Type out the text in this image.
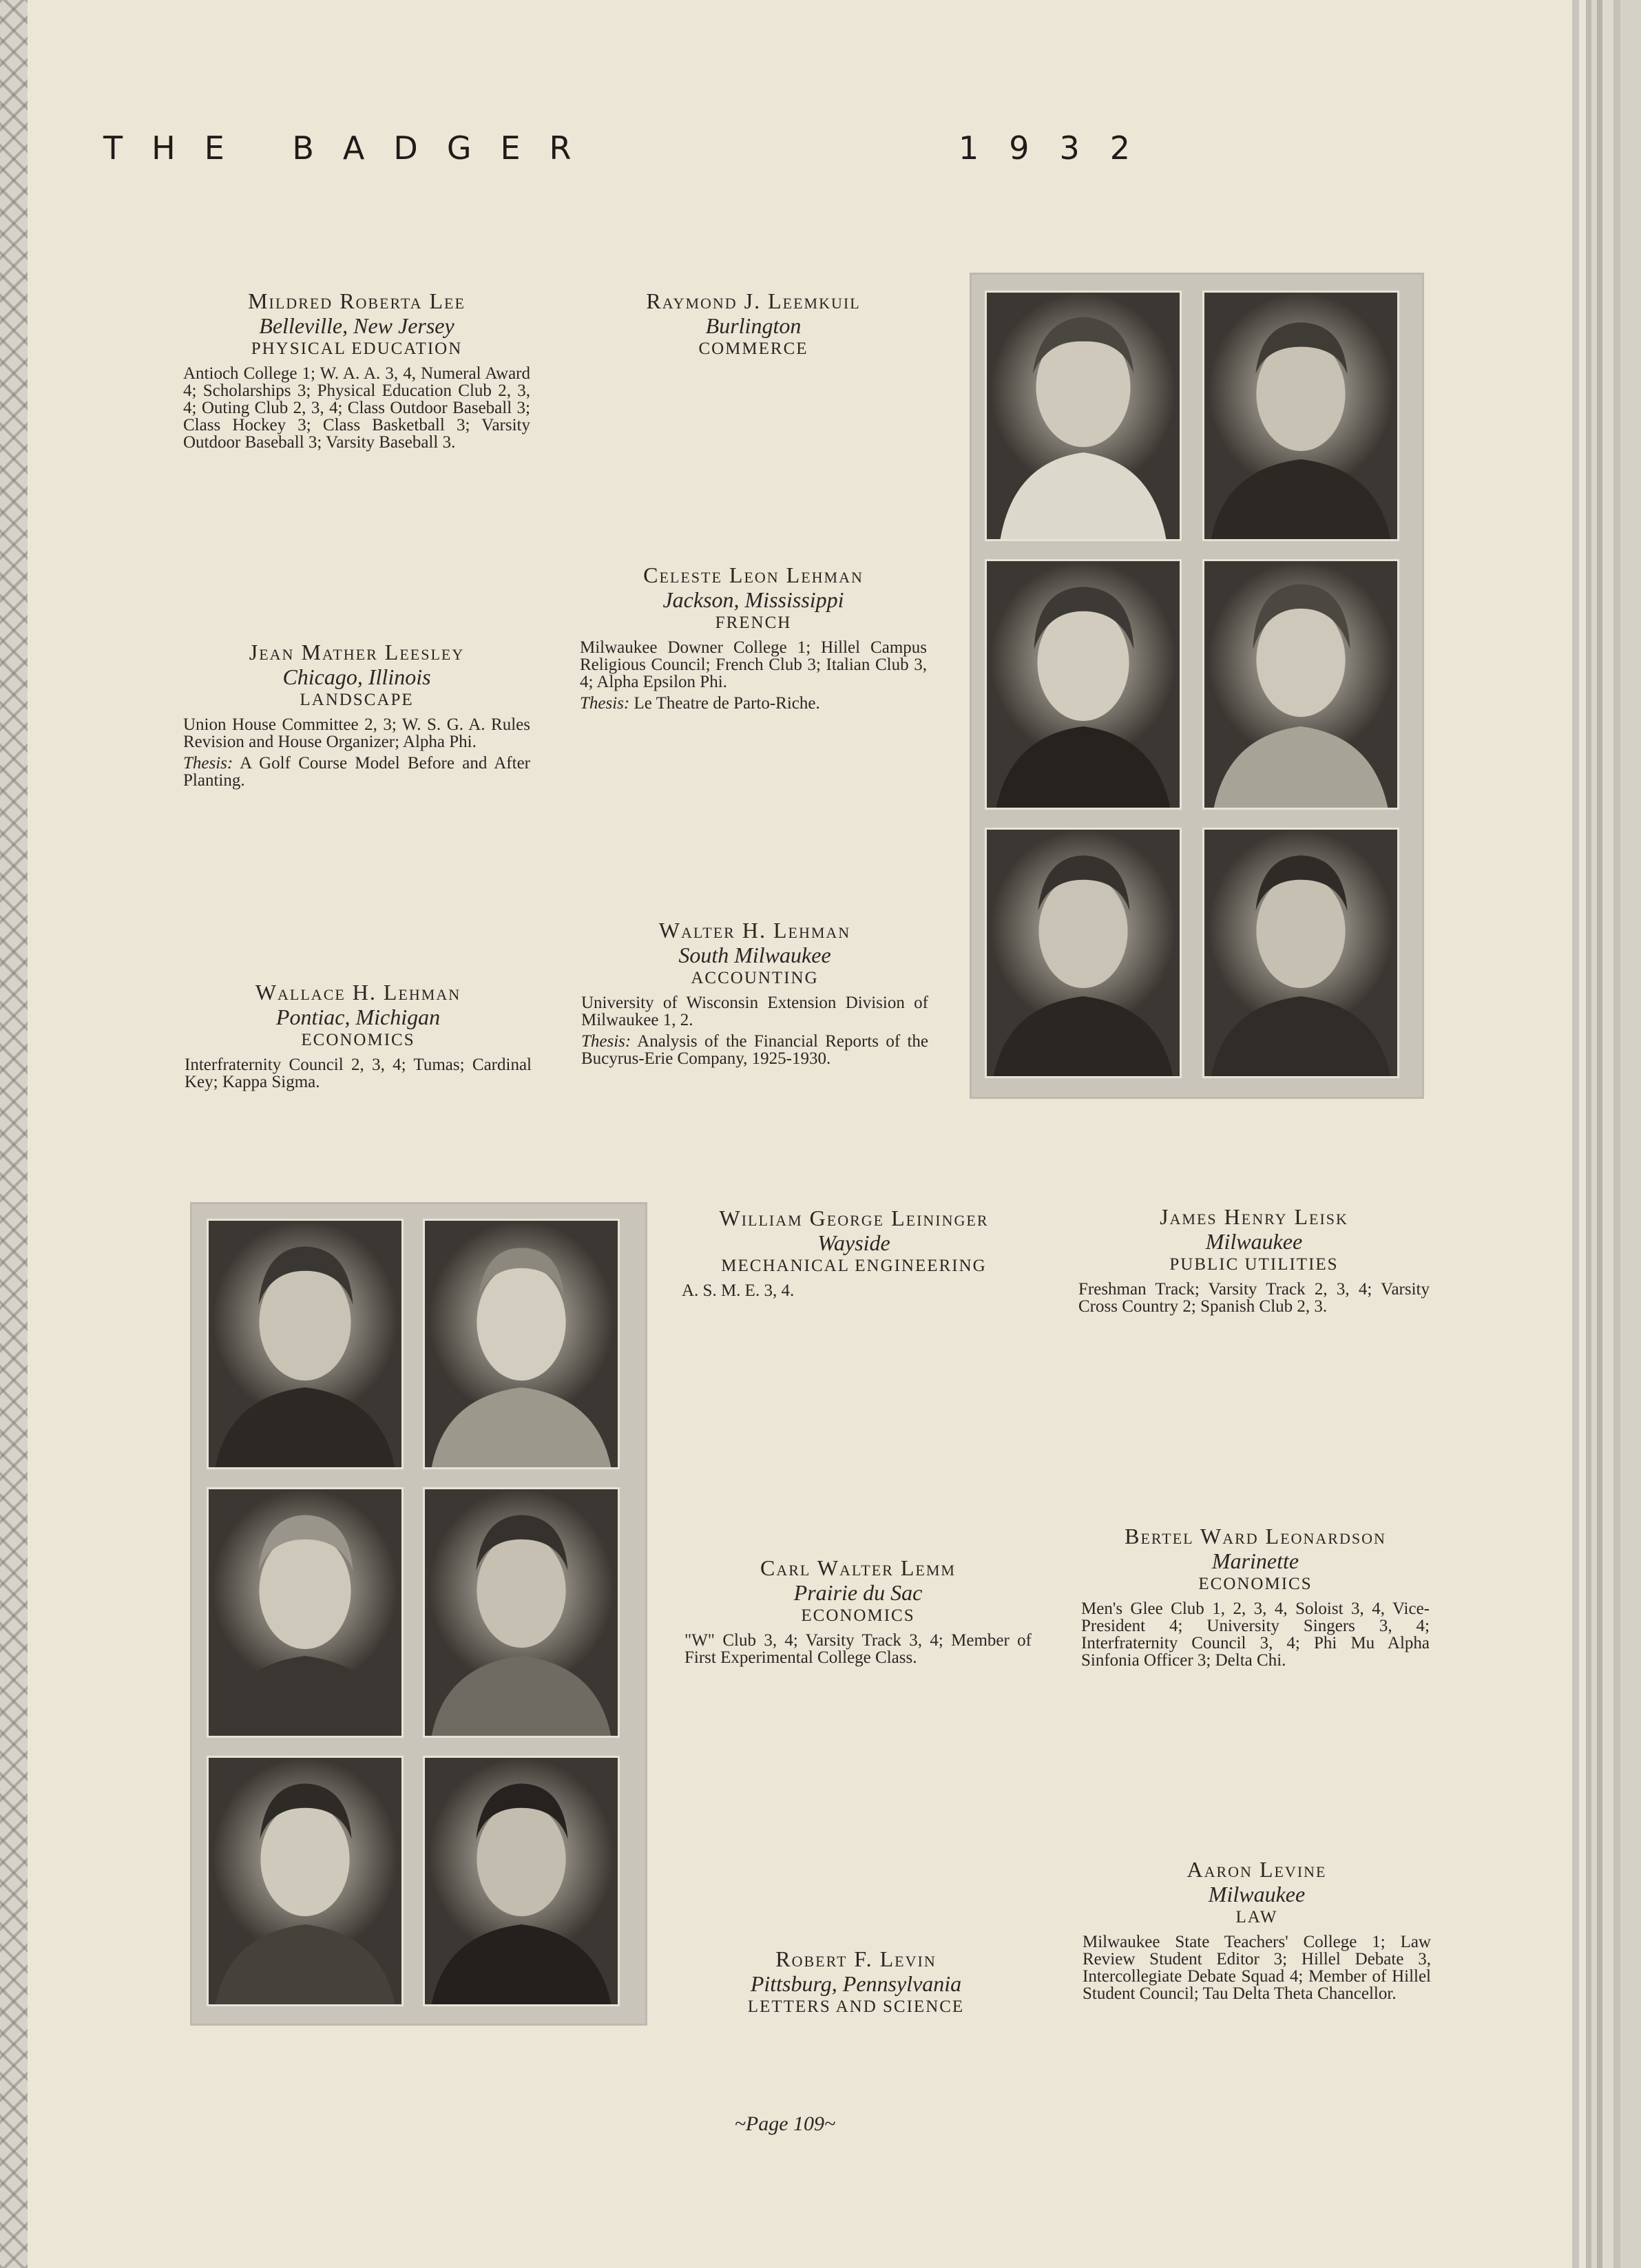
THE BADGER	1932
Mildred Roberta Lee
Belleville, New Jersey
PHYSICAL EDUCATION
Antioch College 1; W. A. A. 3, 4, Numeral Award 4; Scholarships 3; Physical Education Club 2, 3, 4; Outing Club 2, 3, 4; Class Outdoor Baseball 3; Class Hockey 3; Class Basketball 3; Varsity Outdoor Baseball 3; Varsity Baseball 3.
Raymond J. Leemkuil
Burlington
COMMERCE
Jean Mather Leesley
Chicago, Illinois
LANDSCAPE
Union House Committee 2, 3; W. S. G. A. Rules Revision and House Organizer; Alpha Phi.
Thesis: A Golf Course Model Before and After Planting.
Celeste Leon Lehman
Jackson, Mississippi
FRENCH
Milwaukee Downer College 1; Hillel Campus Religious Council; French Club 3; Italian Club 3, 4; Alpha Epsilon Phi.
Thesis: Le Theatre de Parto-Riche.
Wallace H. Lehman
Pontiac, Michigan
ECONOMICS
Interfraternity Council 2, 3, 4; Tumas; Cardinal Key; Kappa Sigma.
Walter H. Lehman
South Milwaukee
ACCOUNTING
University of Wisconsin Extension Division of Milwaukee 1, 2.
Thesis: Analysis of the Financial Reports of the Bucyrus-Erie Company, 1925-1930.
William George Leininger
Wayside
MECHANICAL ENGINEERING
A. S. M. E. 3, 4.
James Henry Leisk
Milwaukee
PUBLIC UTILITIES
Freshman Track; Varsity Track 2, 3, 4; Varsity Cross Country 2; Spanish Club 2, 3.
Carl Walter Lemm
Prairie du Sac
ECONOMICS
"W" Club 3, 4; Varsity Track 3, 4; Member of First Experimental College Class.
Bertel Ward Leonardson
Marinette
ECONOMICS
Men's Glee Club 1, 2, 3, 4, Soloist 3, 4, Vice-President 4; University Singers 3, 4; Interfraternity Council 3, 4; Phi Mu Alpha Sinfonia Officer 3; Delta Chi.
Robert F. Levin
Pittsburg, Pennsylvania
LETTERS AND SCIENCE
Aaron Levine
Milwaukee
LAW
Milwaukee State Teachers' College 1; Law Review Student Editor 3; Hillel Debate 3, Intercollegiate Debate Squad 4; Member of Hillel Student Council; Tau Delta Theta Chancellor.
~Page 109~
